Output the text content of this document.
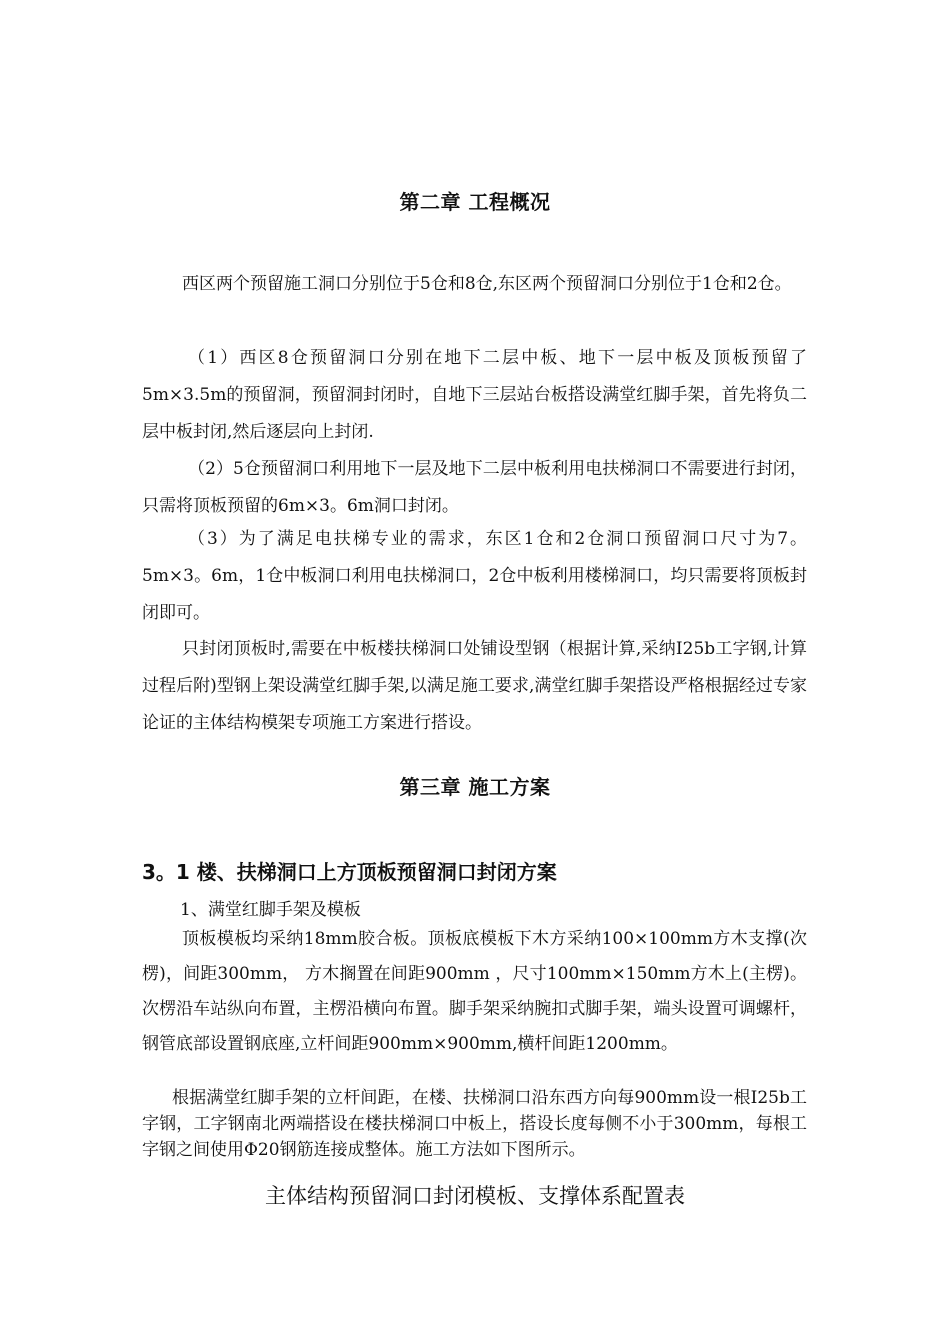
第二章 工程概况

西区两个预留施工洞口分别位于5仓和8仓,东区两个预留洞口分别位于1仓和2仓。

（1）西区8仓预留洞口分别在地下二层中板、地下一层中板及顶板预留了5m×3.5m的预留洞，预留洞封闭时，自地下三层站台板搭设满堂红脚手架，首先将负二层中板封闭,然后逐层向上封闭.

（2）5仓预留洞口利用地下一层及地下二层中板利用电扶梯洞口不需要进行封闭，只需将顶板预留的6m×3。6m洞口封闭。

（3）为了满足电扶梯专业的需求，东区1仓和2仓洞口预留洞口尺寸为7。5m×3。6m，1仓中板洞口利用电扶梯洞口，2仓中板利用楼梯洞口，均只需要将顶板封闭即可。

只封闭顶板时,需要在中板楼扶梯洞口处铺设型钢（根据计算,采纳I25b工字钢,计算过程后附)型钢上架设满堂红脚手架,以满足施工要求,满堂红脚手架搭设严格根据经过专家论证的主体结构模架专项施工方案进行搭设。

第三章 施工方案
3。1 楼、扶梯洞口上方顶板预留洞口封闭方案
1、满堂红脚手架及模板

顶板模板均采纳18mm胶合板。顶板底模板下木方采纳100×100mm方木支撑(次楞)，间距300mm， 方木搁置在间距900mm ，尺寸100mm×150mm方木上(主楞)。次楞沿车站纵向布置，主楞沿横向布置。脚手架采纳腕扣式脚手架，端头设置可调螺杆，钢管底部设置钢底座,立杆间距900mm×900mm,横杆间距1200mm。

根据满堂红脚手架的立杆间距，在楼、扶梯洞口沿东西方向每900mm设一根I25b工字钢，工字钢南北两端搭设在楼扶梯洞口中板上，搭设长度每侧不小于300mm，每根工字钢之间使用Φ20钢筋连接成整体。施工方法如下图所示。

主体结构预留洞口封闭模板、支撑体系配置表
